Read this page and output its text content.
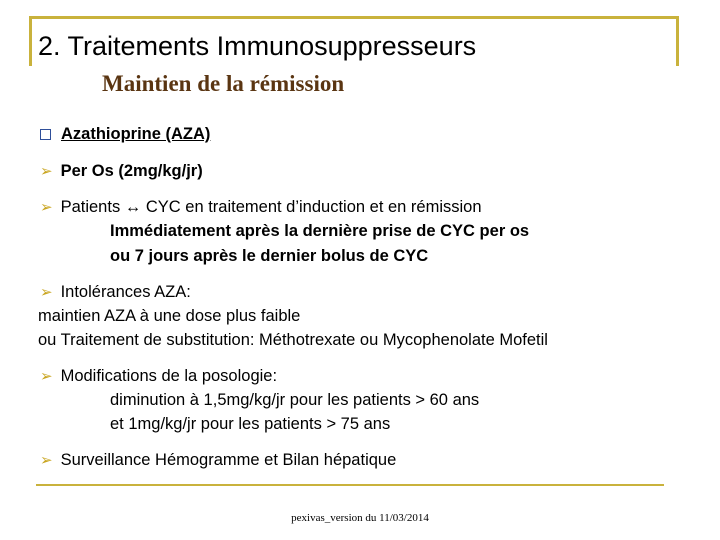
2. Traitements Immunosuppresseurs
Maintien de la rémission
Azathioprine (AZA)
➢ Per Os (2mg/kg/jr)
➢ Patients ↔ CYC en traitement d’induction et en rémission
Immédiatement après la dernière prise de CYC per os
ou 7 jours après le dernier bolus de CYC
➢ Intolérances AZA:
maintien AZA à une dose plus faible
ou Traitement de substitution: Méthotrexate ou Mycophenolate Mofetil
➢ Modifications de la posologie:
diminution à 1,5mg/kg/jr pour les patients > 60 ans
et 1mg/kg/jr pour les patients > 75 ans
➢ Surveillance Hémogramme et Bilan hépatique
pexivas_version du 11/03/2014
